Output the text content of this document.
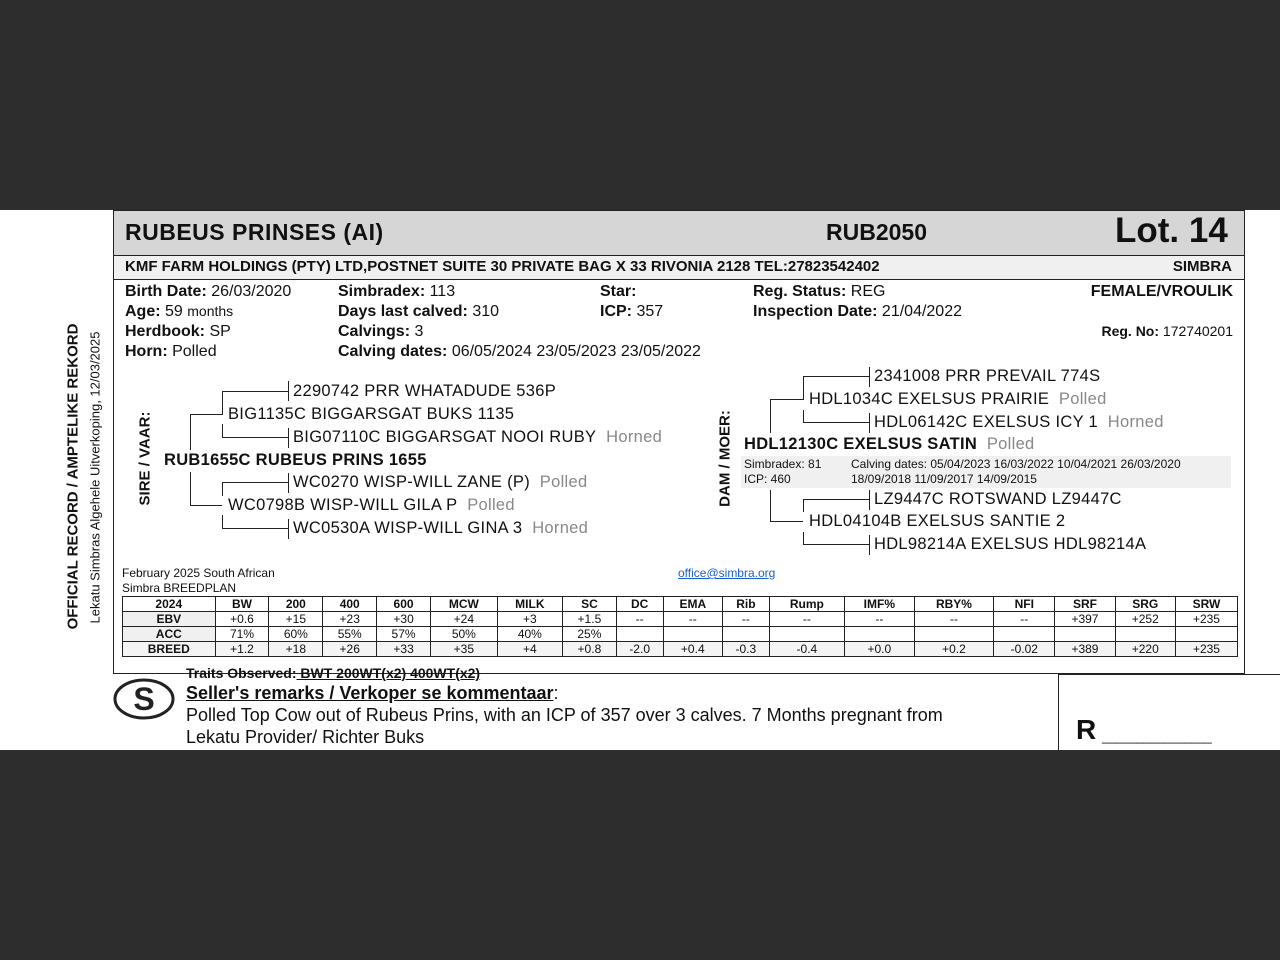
OFFICIAL RECORD / AMPTELIKE REKORD Lekatu Simbras Algehele Uitverkoping, 12/03/2025
RUBEUS PRINSES (AI)	RUB2050	Lot. 14
KMF FARM HOLDINGS (PTY) LTD,POSTNET SUITE 30 PRIVATE BAG X 33 RIVONIA 2128 TEL:27823542402	SIMBRA
Birth Date: 26/03/2020
Age: 59 months
Herdbook: SP
Horn: Polled
Simbradex: 113
Days last calved: 310
Calvings: 3
Calving dates: 06/05/2024 23/05/2023 23/05/2022
Star:
ICP: 357
Reg. Status: REG
Inspection Date: 21/04/2022
FEMALE/VROULIK
Reg. No: 172740201
SIRE / VAAR: RUB1655C RUBEUS PRINS 1655
BIG1135C BIGGARSGAT BUKS 1135
2290742 PRR WHATADUDE 536P
BIG07110C BIGGARSGAT NOOI RUBY Horned
WC0798B WISP-WILL GILA P Polled
WC0270 WISP-WILL ZANE (P) Polled
WC0530A WISP-WILL GINA 3 Horned
DAM / MOER: HDL12130C EXELSUS SATIN Polled
Simbradex: 81
ICP: 460
Calving dates: 05/04/2023 16/03/2022 10/04/2021 26/03/2020
18/09/2018 11/09/2017 14/09/2015
HDL1034C EXELSUS PRAIRIE Polled
2341008 PRR PREVAIL 774S
HDL06142C EXELSUS ICY 1 Horned
HDL04104B EXELSUS SANTIE 2
LZ9447C ROTSWAND LZ9447C
HDL98214A EXELSUS HDL98214A
February 2025 South African
Simbra BREEDPLAN
office@simbra.org
2024	BW	200	400	600	MCW	MILK	SC	DC	EMA	Rib	Rump	IMF%	RBY%	NFI	SRF	SRG	SRW
EBV	+0.6	+15	+23	+30	+24	+3	+1.5	--	--	--	--	--	--	--	+397	+252	+235
ACC	71%	60%	55%	57%	50%	40%	25%										
BREED	+1.2	+18	+26	+33	+35	+4	+0.8	-2.0	+0.4	-0.3	-0.4	+0.0	+0.2	-0.02	+389	+220	+235
S
Traits Observed: BWT 200WT(x2) 400WT(x2)
Seller's remarks / Verkoper se kommentaar:
Polled Top Cow out of Rubeus Prins, with an ICP of 357 over 3 calves. 7 Months pregnant from
Lekatu Provider/ Richter Buks	R ________________
